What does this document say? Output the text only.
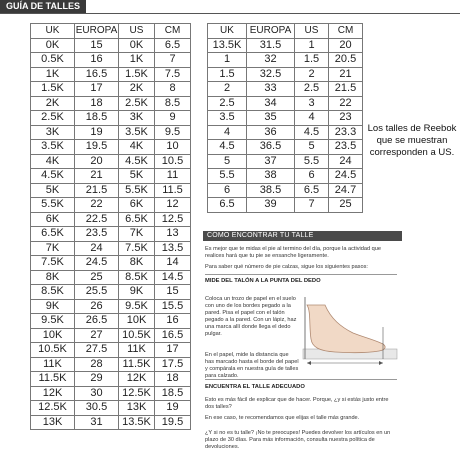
GUÍA DE TALLES
UK	EUROPA	US	CM
0K	15	0K	6.5
0.5K	16	1K	7
1K	16.5	1.5K	7.5
1.5K	17	2K	8
2K	18	2.5K	8.5
2.5K	18.5	3K	9
3K	19	3.5K	9.5
3.5K	19.5	4K	10
4K	20	4.5K	10.5
4.5K	21	5K	11
5K	21.5	5.5K	11.5
5.5K	22	6K	12
6K	22.5	6.5K	12.5
6.5K	23.5	7K	13
7K	24	7.5K	13.5
7.5K	24.5	8K	14
8K	25	8.5K	14.5
8.5K	25.5	9K	15
9K	26	9.5K	15.5
9.5K	26.5	10K	16
10K	27	10.5K	16.5
10.5K	27.5	11K	17
11K	28	11.5K	17.5
11.5K	29	12K	18
12K	30	12.5K	18.5
12.5K	30.5	13K	19
13K	31	13.5K	19.5
UK	EUROPA	US	CM
13.5K	31.5	1	20
1	32	1.5	20.5
1.5	32.5	2	21
2	33	2.5	21.5
2.5	34	3	22
3.5	35	4	23
4	36	4.5	23.3
4.5	36.5	5	23.5
5	37	5.5	24
5.5	38	6	24.5
6	38.5	6.5	24.7
6.5	39	7	25
Los talles de Reebok que se muestran corresponden a US.
CÓMO ENCONTRAR TU TALLE
Es mejor que te midas el pie al termino del día, porque la actividad que realices hará que tu pie se ensanche ligeramente.
Para saber qué número de pie calzas, sigue los siguientes pasos:
MIDE DEL TALÓN A LA PUNTA DEL DEDO
Coloca un trozo de papel en el suelo con uno de los bordes pegado a la pared. Pisa el papel con el talón pegado a la pared. Con un lápiz, haz una marca allí donde llega el dedo pulgar.
En el papel, mide la distancia que has marcado hasta el borde del papel y compárala en nuestra guía de talles para calzado.
ENCUENTRA EL TALLE ADECUADO
Esto es más fácil de explicar que de hacer. Porque, ¿y si estás justo entre dos talles?
En ese caso, te recomendamos que elijas el talle más grande.
¿Y si no es tu talle? ¡No te preocupes! Puedes devolver los artículos en un plazo de 30 días. Para más información, consulta nuestra política de devoluciones.
